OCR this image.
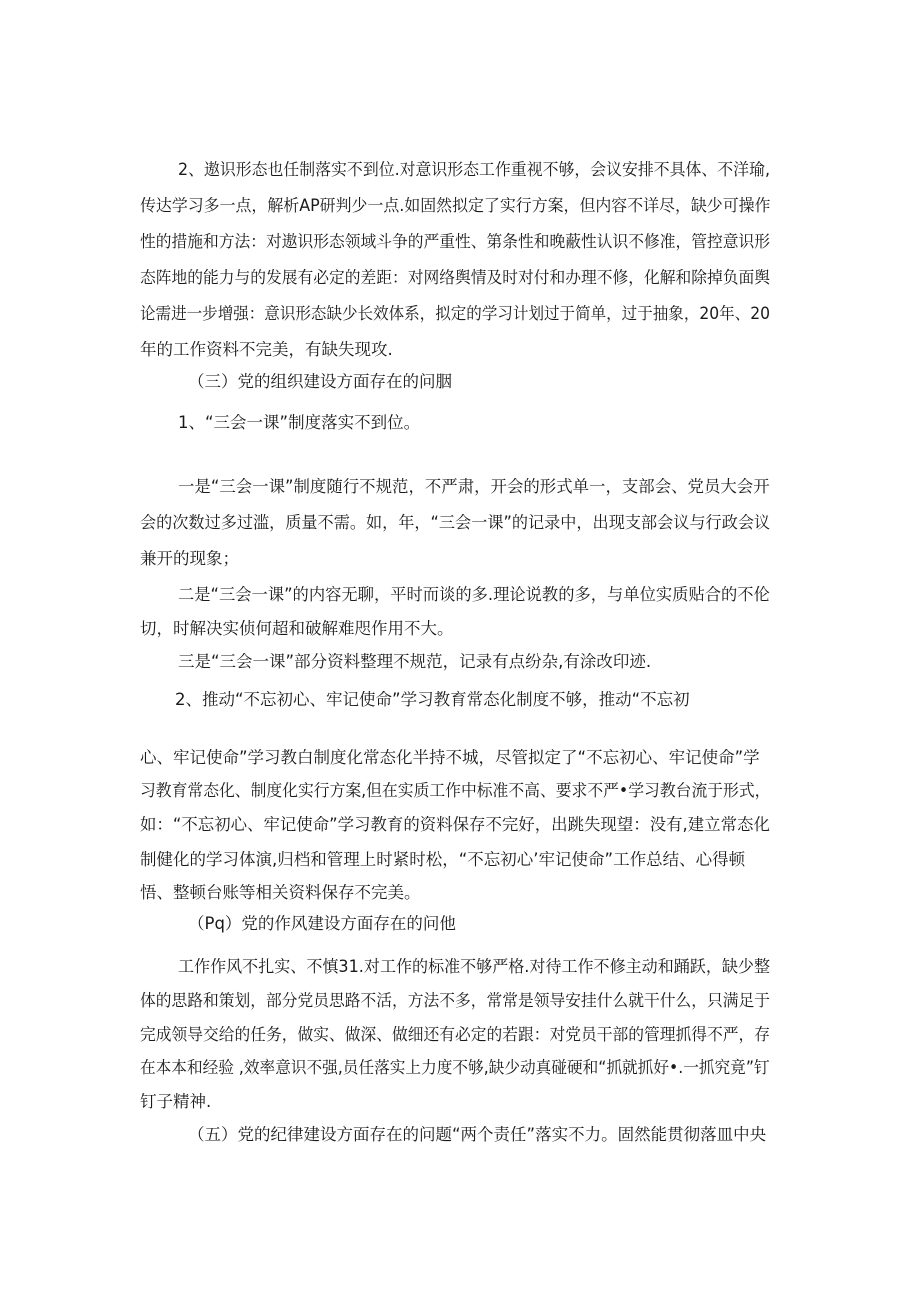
2、遨识形态也任制落实不到位.对意识形态工作重视不够，会议安排不具体、不洋瑜,

传达学习多一点，解析AP研判少一点.如固然拟定了实行方案，但内容不详尽，缺少可操作

性的措施和方法：对遨识形态领域斗争的严重性、第条性和晚蔽性认识不修准，管控意识形

态阵地的能力与的发展有必定的差距：对网络舆情及时对付和办理不修，化解和除掉负面舆

论需进一步增强：意识形态缺少长效体系，拟定的学习计划过于简单，过于抽象，20年、20

年的工作资料不完美，有缺失现攻.

（三）党的组织建设方面存在的问胭

1、“三会一课”制度落实不到位。

一是“三会一课”制度随行不规范，不严肃，开会的形式单一，支部会、党员大会开

会的次数过多过滥，质量不需。如，年，“三会一课”的记录中，出现支部会议与行政会议

兼开的现象；

二是“三会一课”的内容无聊，平时而谈的多.理论说教的多，与单位实质贴合的不伦

切，时解决实侦何超和破解难咫作用不大。

三是“三会一课”部分资料整理不规范，记录有点纷杂,有涂改印迹.

2、推动“不忘初心、牢记使命”学习教育常态化制度不够，推动“不忘初

心、牢记使命”学习教白制度化常态化半持不城，尽管拟定了“不忘初心、牢记使命”学

习教育常态化、制度化实行方案,但在实质工作中标准不高、要求不严•学习教台流于形式，

如：“不忘初心、牢记使命”学习教育的资料保存不完好，出跳失现望：没有,建立常态化

制健化的学习体演,归档和管理上时紧时松，“不忘初心’牢记使命”工作总结、心得顿

悟、整顿台账等相关资料保存不完美。

（Pq）党的作风建设方面存在的问他

工作作风不扎实、不慎31.对工作的标准不够严格.对待工作不修主动和踊跃，缺少整

体的思路和策划，部分党员思路不活，方法不多，常常是领导安挂什么就干什么，只满足于

完成领导交给的任务，做实、做深、做细还有必定的若跟：对党员干部的管理抓得不严，存

在本本和经验 ,效率意识不强,员任落实上力度不够,缺少动真碰硬和“抓就抓好•.一抓究竟”钉

钉子精神.

（五）党的纪律建设方面存在的问题“两个责任”落实不力。固然能贯彻落皿中央
